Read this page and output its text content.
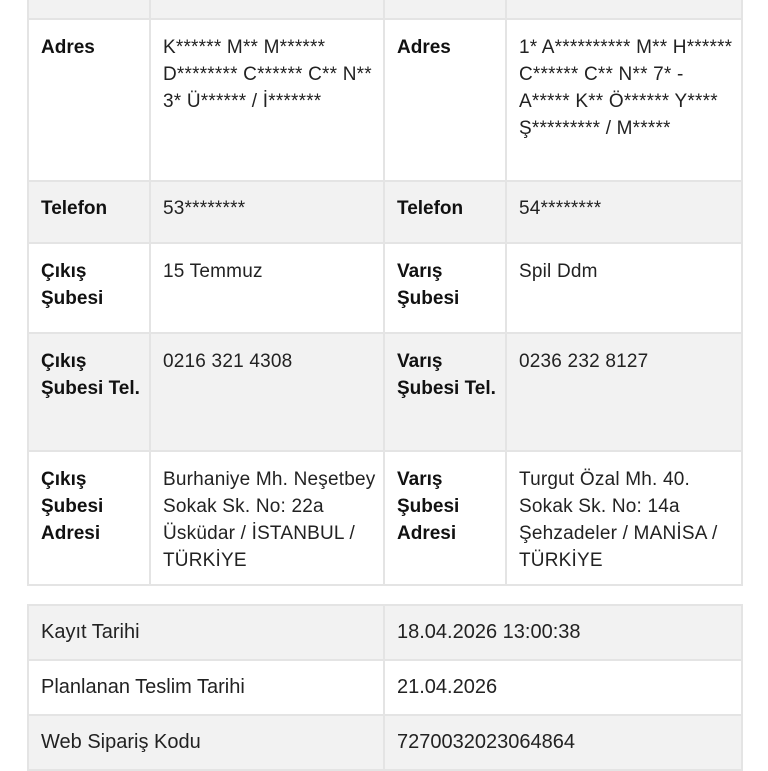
Adres	K****** M** M****** D******** C****** C** N** 3* Ü****** / İ*******	Adres	1* A********** M** H****** C****** C** N** 7* - A***** K** Ö****** Y**** Ş********* / M*****

Telefon	53********	Telefon	54********

Çıkış Şubesi	15 Temmuz	Varış Şubesi	Spil Ddm

Çıkış Şubesi Tel.	0216 321 4308	Varış Şubesi Tel.	0236 232 8127

Çıkış Şubesi Adresi	Burhaniye Mh. Neşetbey Sokak Sk. No: 22a Üsküdar / İSTANBUL / TÜRKİYE	Varış Şubesi Adresi	Turgut Özal Mh. 40. Sokak Sk. No: 14a Şehzadeler / MANİSA / TÜRKİYE
Kayıt Tarihi	18.04.2026 13:00:38

Planlanan Teslim Tarihi	21.04.2026

Web Sipariş Kodu	7270032023064864
